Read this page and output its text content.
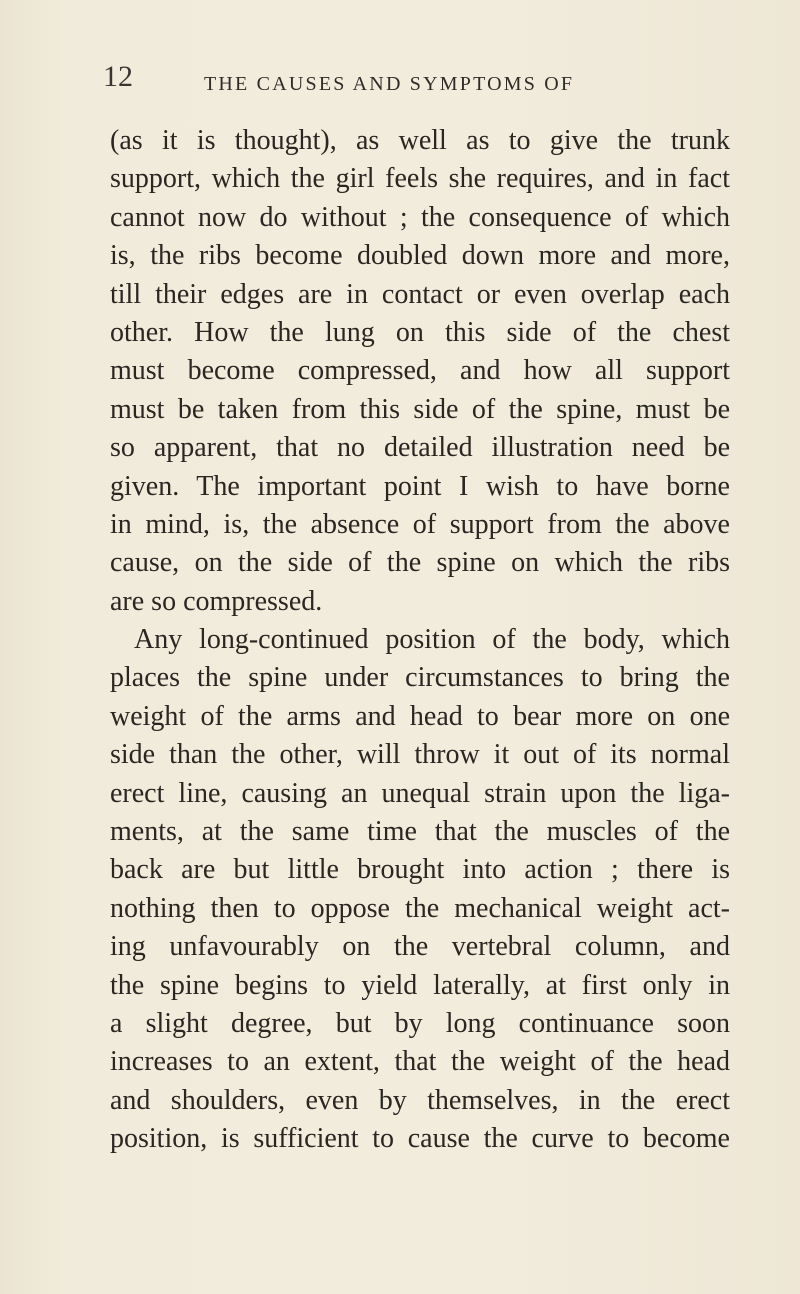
12	THE CAUSES AND SYMPTOMS OF
(as it is thought), as well as to give the trunk
support, which the girl feels she requires, and in fact
cannot now do without ; the consequence of which
is, the ribs become doubled down more and more,
till their edges are in contact or even overlap each
other. How the lung on this side of the chest
must become compressed, and how all support
must be taken from this side of the spine, must be
so apparent, that no detailed illustration need be
given. The important point I wish to have borne
in mind, is, the absence of support from the above
cause, on the side of the spine on which the ribs
are so compressed.
Any long-continued position of the body, which
places the spine under circumstances to bring the
weight of the arms and head to bear more on one
side than the other, will throw it out of its normal
erect line, causing an unequal strain upon the liga-
ments, at the same time that the muscles of the
back are but little brought into action ; there is
nothing then to oppose the mechanical weight act-
ing unfavourably on the vertebral column, and
the spine begins to yield laterally, at first only in
a slight degree, but by long continuance soon
increases to an extent, that the weight of the head
and shoulders, even by themselves, in the erect
position, is sufficient to cause the curve to become
